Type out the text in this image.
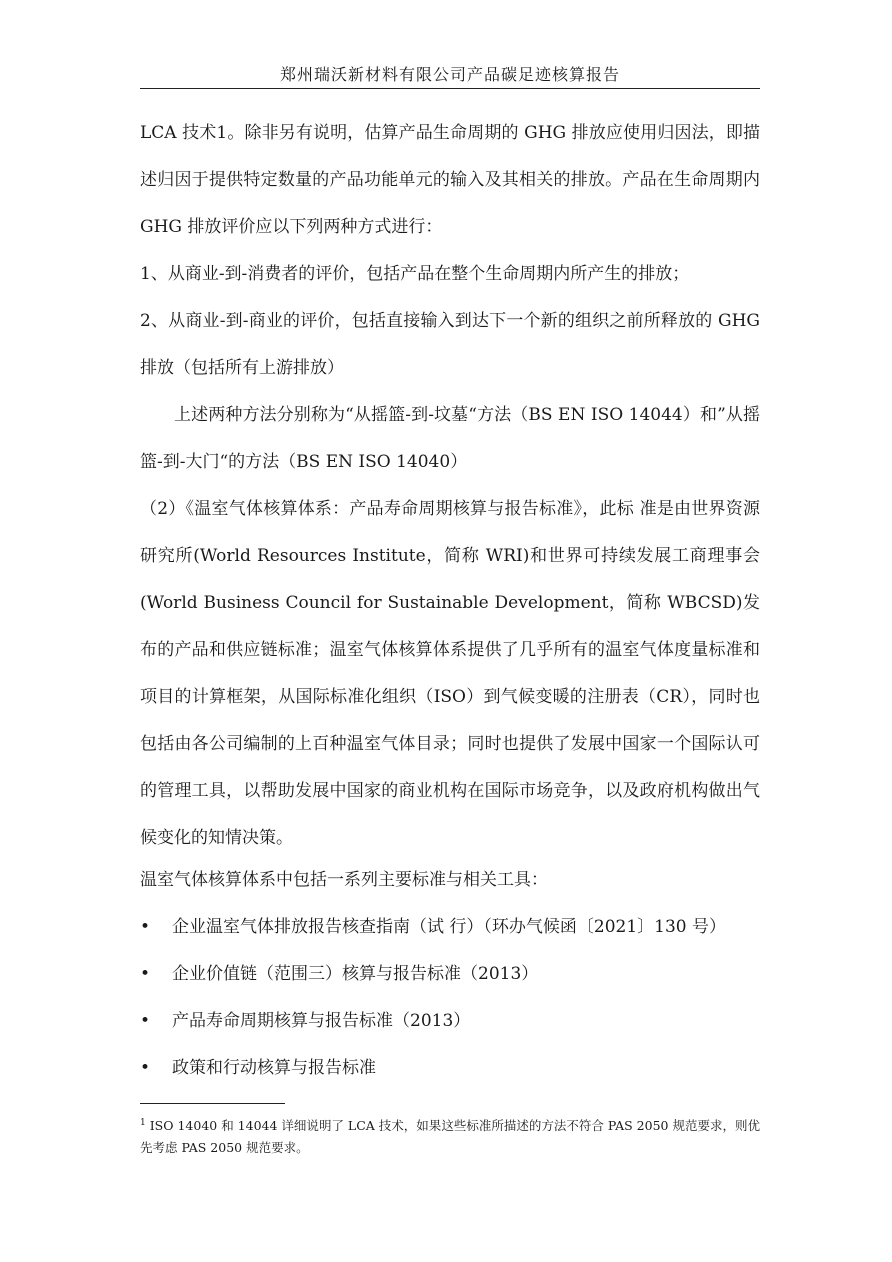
郑州瑞沃新材料有限公司产品碳足迹核算报告

LCA 技术1。除非另有说明，估算产品生命周期的 GHG 排放应使用归因法，即描述归因于提供特定数量的产品功能单元的输入及其相关的排放。产品在生命周期内 GHG 排放评价应以下列两种方式进行：

1、从商业-到-消费者的评价，包括产品在整个生命周期内所产生的排放；

2、从商业-到-商业的评价，包括直接输入到达下一个新的组织之前所释放的 GHG 排放（包括所有上游排放）

上述两种方法分别称为“从摇篮-到-坟墓“方法（BS EN ISO 14044）和”从摇篮-到-大门“的方法（BS EN ISO 14040）

（2）《温室气体核算体系：产品寿命周期核算与报告标准》，此标 准是由世界资源研究所(World Resources Institute，简称 WRI)和世界可持续发展工商理事会(World Business Council for Sustainable Development，简称 WBCSD)发布的产品和供应链标准；温室气体核算体系提供了几乎所有的温室气体度量标准和项目的计算框架，从国际标准化组织（ISO）到气候变暖的注册表（CR），同时也包括由各公司编制的上百种温室气体目录；同时也提供了发展中国家一个国际认可的管理工具，以帮助发展中国家的商业机构在国际市场竞争，以及政府机构做出气候变化的知情决策。

温室气体核算体系中包括一系列主要标准与相关工具：

• 企业温室气体排放报告核查指南（试 行）（环办气候函〔2021〕130 号）
• 企业价值链（范围三）核算与报告标准（2013）
• 产品寿命周期核算与报告标准（2013）
• 政策和行动核算与报告标准
$^1$ ISO 14040 和 14044 详细说明了 LCA 技术，如果这些标准所描述的方法不符合 PAS 2050 规范要求，则优先考虑 PAS 2050 规范要求。
